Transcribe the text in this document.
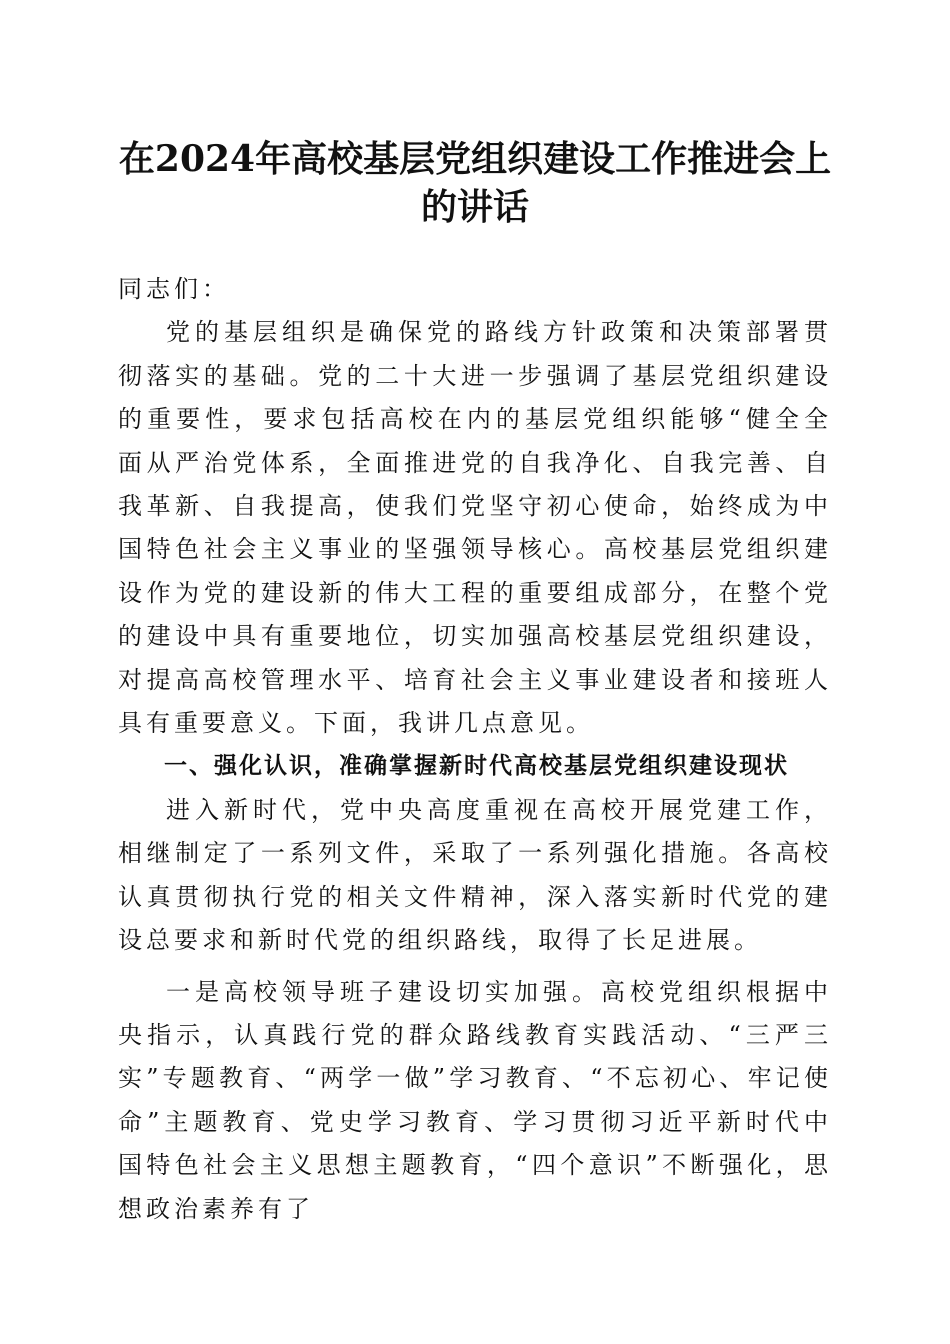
在2024年高校基层党组织建设工作推进会上
的讲话

同志们：

党的基层组织是确保党的路线方针政策和决策部署贯彻落实的基础。党的二十大进一步强调了基层党组织建设的重要性，要求包括高校在内的基层党组织能够“健全全面从严治党体系，全面推进党的自我净化、自我完善、自我革新、自我提高，使我们党坚守初心使命，始终成为中国特色社会主义事业的坚强领导核心。高校基层党组织建设作为党的建设新的伟大工程的重要组成部分，在整个党的建设中具有重要地位，切实加强高校基层党组织建设，对提高高校管理水平、培育社会主义事业建设者和接班人具有重要意义。下面，我讲几点意见。

一、强化认识，准确掌握新时代高校基层党组织建设现状

进入新时代，党中央高度重视在高校开展党建工作，相继制定了一系列文件，采取了一系列强化措施。各高校认真贯彻执行党的相关文件精神，深入落实新时代党的建设总要求和新时代党的组织路线，取得了长足进展。

一是高校领导班子建设切实加强。高校党组织根据中央指示，认真践行党的群众路线教育实践活动、“三严三实”专题教育、“两学一做”学习教育、“不忘初心、牢记使命”主题教育、党史学习教育、学习贯彻习近平新时代中国特色社会主义思想主题教育，“四个意识”不断强化，思想政治素养有了
